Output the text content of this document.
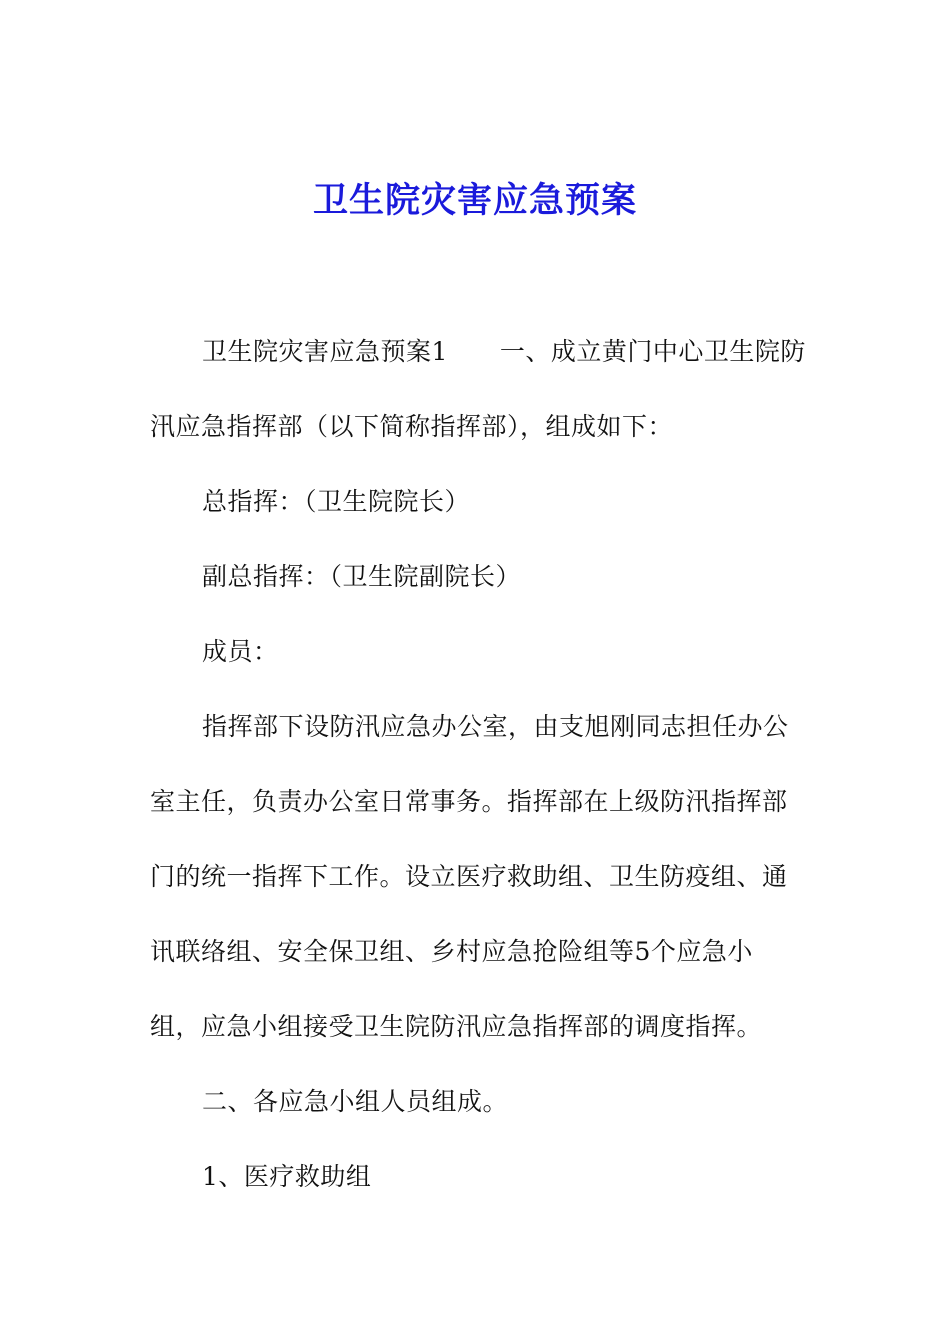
卫生院灾害应急预案
卫生院灾害应急预案1 一、成立黄门中心卫生院防
汛应急指挥部（以下简称指挥部），组成如下：
总指挥：（卫生院院长）
副总指挥：（卫生院副院长）
成员：
指挥部下设防汛应急办公室，由支旭刚同志担任办公
室主任，负责办公室日常事务。指挥部在上级防汛指挥部
门的统一指挥下工作。设立医疗救助组、卫生防疫组、通
讯联络组、安全保卫组、乡村应急抢险组等5个应急小
组，应急小组接受卫生院防汛应急指挥部的调度指挥。
二、各应急小组人员组成。
1、医疗救助组
